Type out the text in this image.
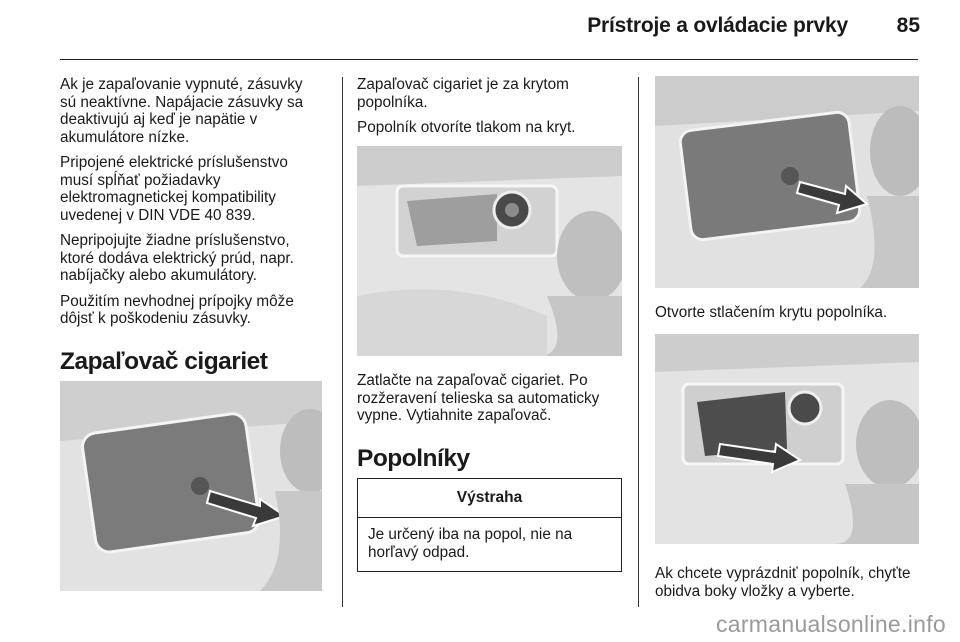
Prístroje a ovládacie prvky 85

Ak je zapaľovanie vypnuté, zásuvky sú neaktívne. Napájacie zásuvky sa deaktivujú aj keď je napätie v akumulátore nízke.

Pripojené elektrické príslušenstvo musí spĺňať požiadavky elektromagnetickej kompatibility uvedenej v DIN VDE 40 839.

Nepripojujte žiadne príslušenstvo, ktoré dodáva elektrický prúd, napr. nabíjačky alebo akumulátory.

Použitím nevhodnej prípojky môže dôjsť k poškodeniu zásuvky.

Zapaľovač cigariet

Zapaľovač cigariet je za krytom popolníka.

Popolník otvoríte tlakom na kryt.

Zatlačte na zapaľovač cigariet. Po rozžeravení telieska sa automaticky vypne. Vytiahnite zapaľovač.

Popolníky
Výstraha
Je určený iba na popol, nie na horľavý odpad.

Otvorte stlačením krytu popolníka.

Ak chcete vyprázdniť popolník, chyťte obidva boky vložky a vyberte.

carmanualsonline.info
